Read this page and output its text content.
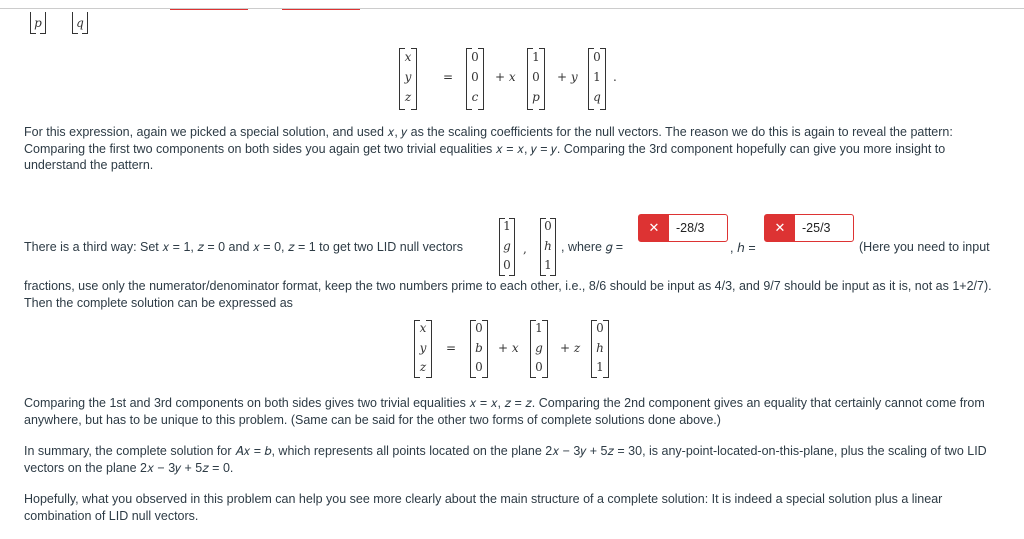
p	q
x
y
z
=
0
0
c
+ x
1
0
p
+ y
0
1
q
.
For this expression, again we picked a special solution, and used 𝑥, 𝑦 as the scaling coefficients for the null vectors. The reason we do this is again to reveal the pattern: Comparing the first two components on both sides you again get two trivial equalities 𝑥 = 𝑥, 𝑦 = 𝑦. Comparing the 3rd component hopefully can give you more insight to understand the pattern.
There is a third way: Set 𝑥 = 1, 𝑧 = 0 and 𝑥 = 0, 𝑧 = 1 to get two LID null vectors
1
g
0
,
0
h
1
, where 𝑔 =
✕	-28/3
, ℎ =
✕	-25/3
(Here you need to input
fractions, use only the numerator/denominator format, keep the two numbers prime to each other, i.e., 8/6 should be input as 4/3, and 9/7 should be input as it is, not as 1+2/7). Then the complete solution can be expressed as
x
y
z
=
0
b
0
+ x
1
g
0
+ z
0
h
1
Comparing the 1st and 3rd components on both sides gives two trivial equalities 𝑥 = 𝑥, 𝑧 = 𝑧. Comparing the 2nd component gives an equality that certainly cannot come from anywhere, but has to be unique to this problem. (Same can be said for the other two forms of complete solutions done above.)
In summary, the complete solution for 𝐴𝑥 = 𝑏, which represents all points located on the plane 2𝑥 − 3𝑦 + 5𝑧 = 30, is any-point-located-on-this-plane, plus the scaling of two LID vectors on the plane 2𝑥 − 3𝑦 + 5𝑧 = 0.
Hopefully, what you observed in this problem can help you see more clearly about the main structure of a complete solution: It is indeed a special solution plus a linear combination of LID null vectors.
